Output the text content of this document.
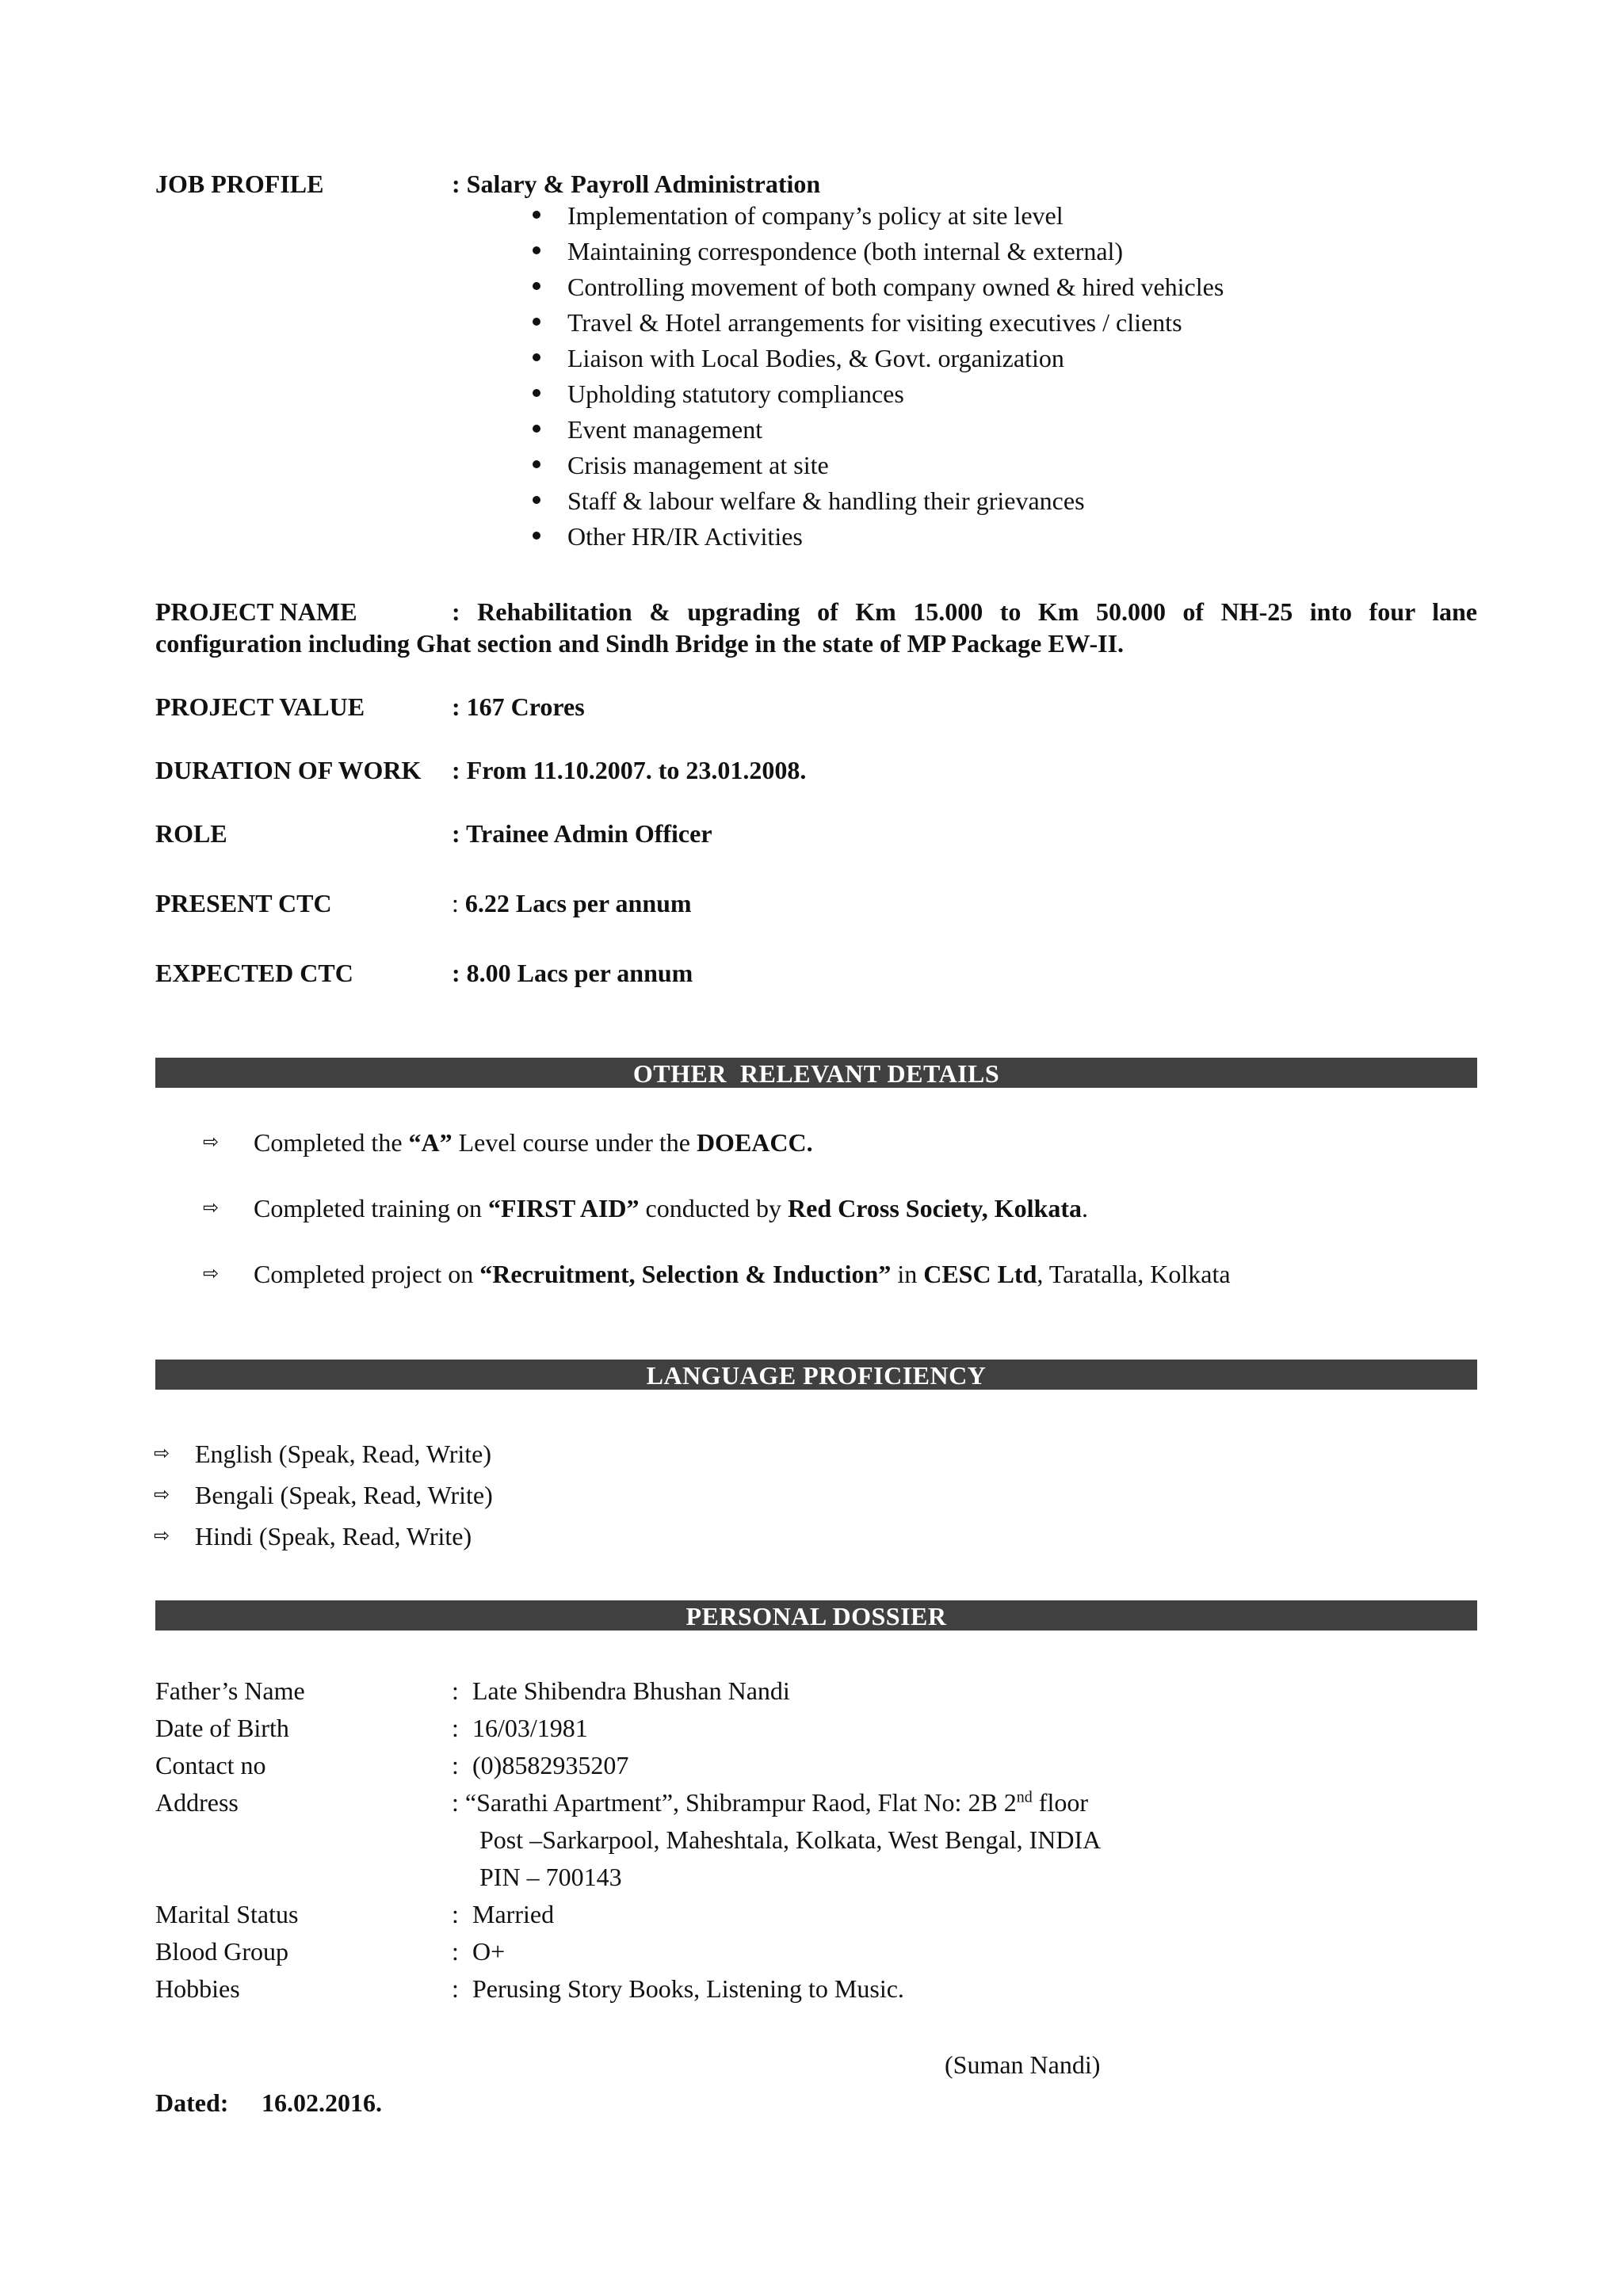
JOB PROFILE	: Salary & Payroll Administration
Implementation of company’s policy at site level
Maintaining correspondence (both internal & external)
Controlling movement of both company owned & hired vehicles
Travel & Hotel arrangements for visiting executives / clients
Liaison with Local Bodies, & Govt. organization
Upholding statutory compliances
Event management
Crisis management at site
Staff & labour welfare & handling their grievances
Other HR/IR Activities
PROJECT NAME	: Rehabilitation & upgrading of Km 15.000 to Km 50.000 of NH-25 into four lane configuration including Ghat section and Sindh Bridge in the state of MP Package EW-II.
PROJECT VALUE	: 167 Crores
DURATION OF WORK : From 11.10.2007. to 23.01.2008.
ROLE	: Trainee Admin Officer
PRESENT CTC	: 6.22 Lacs per annum
EXPECTED CTC	: 8.00 Lacs per annum
OTHER  RELEVANT DETAILS
⇨ Completed the “A” Level course under the DOEACC.
⇨ Completed training on “FIRST AID” conducted by Red Cross Society, Kolkata.
⇨ Completed project on “Recruitment, Selection & Induction” in CESC Ltd, Taratalla, Kolkata
LANGUAGE PROFICIENCY
⇨ English (Speak, Read, Write)
⇨ Bengali (Speak, Read, Write)
⇨ Hindi (Speak, Read, Write)
PERSONAL DOSSIER
Father’s Name	: Late Shibendra Bhushan Nandi
Date of Birth	: 16/03/1981
Contact no	: (0)8582935207
Address	: “Sarathi Apartment”, Shibrampur Raod, Flat No: 2B 2nd floor
Post –Sarkarpool, Maheshtala, Kolkata, West Bengal, INDIA
PIN – 700143
Marital Status	: Married
Blood Group	: O+
Hobbies	: Perusing Story Books, Listening to Music.
(Suman Nandi)
Dated: 16.02.2016.
